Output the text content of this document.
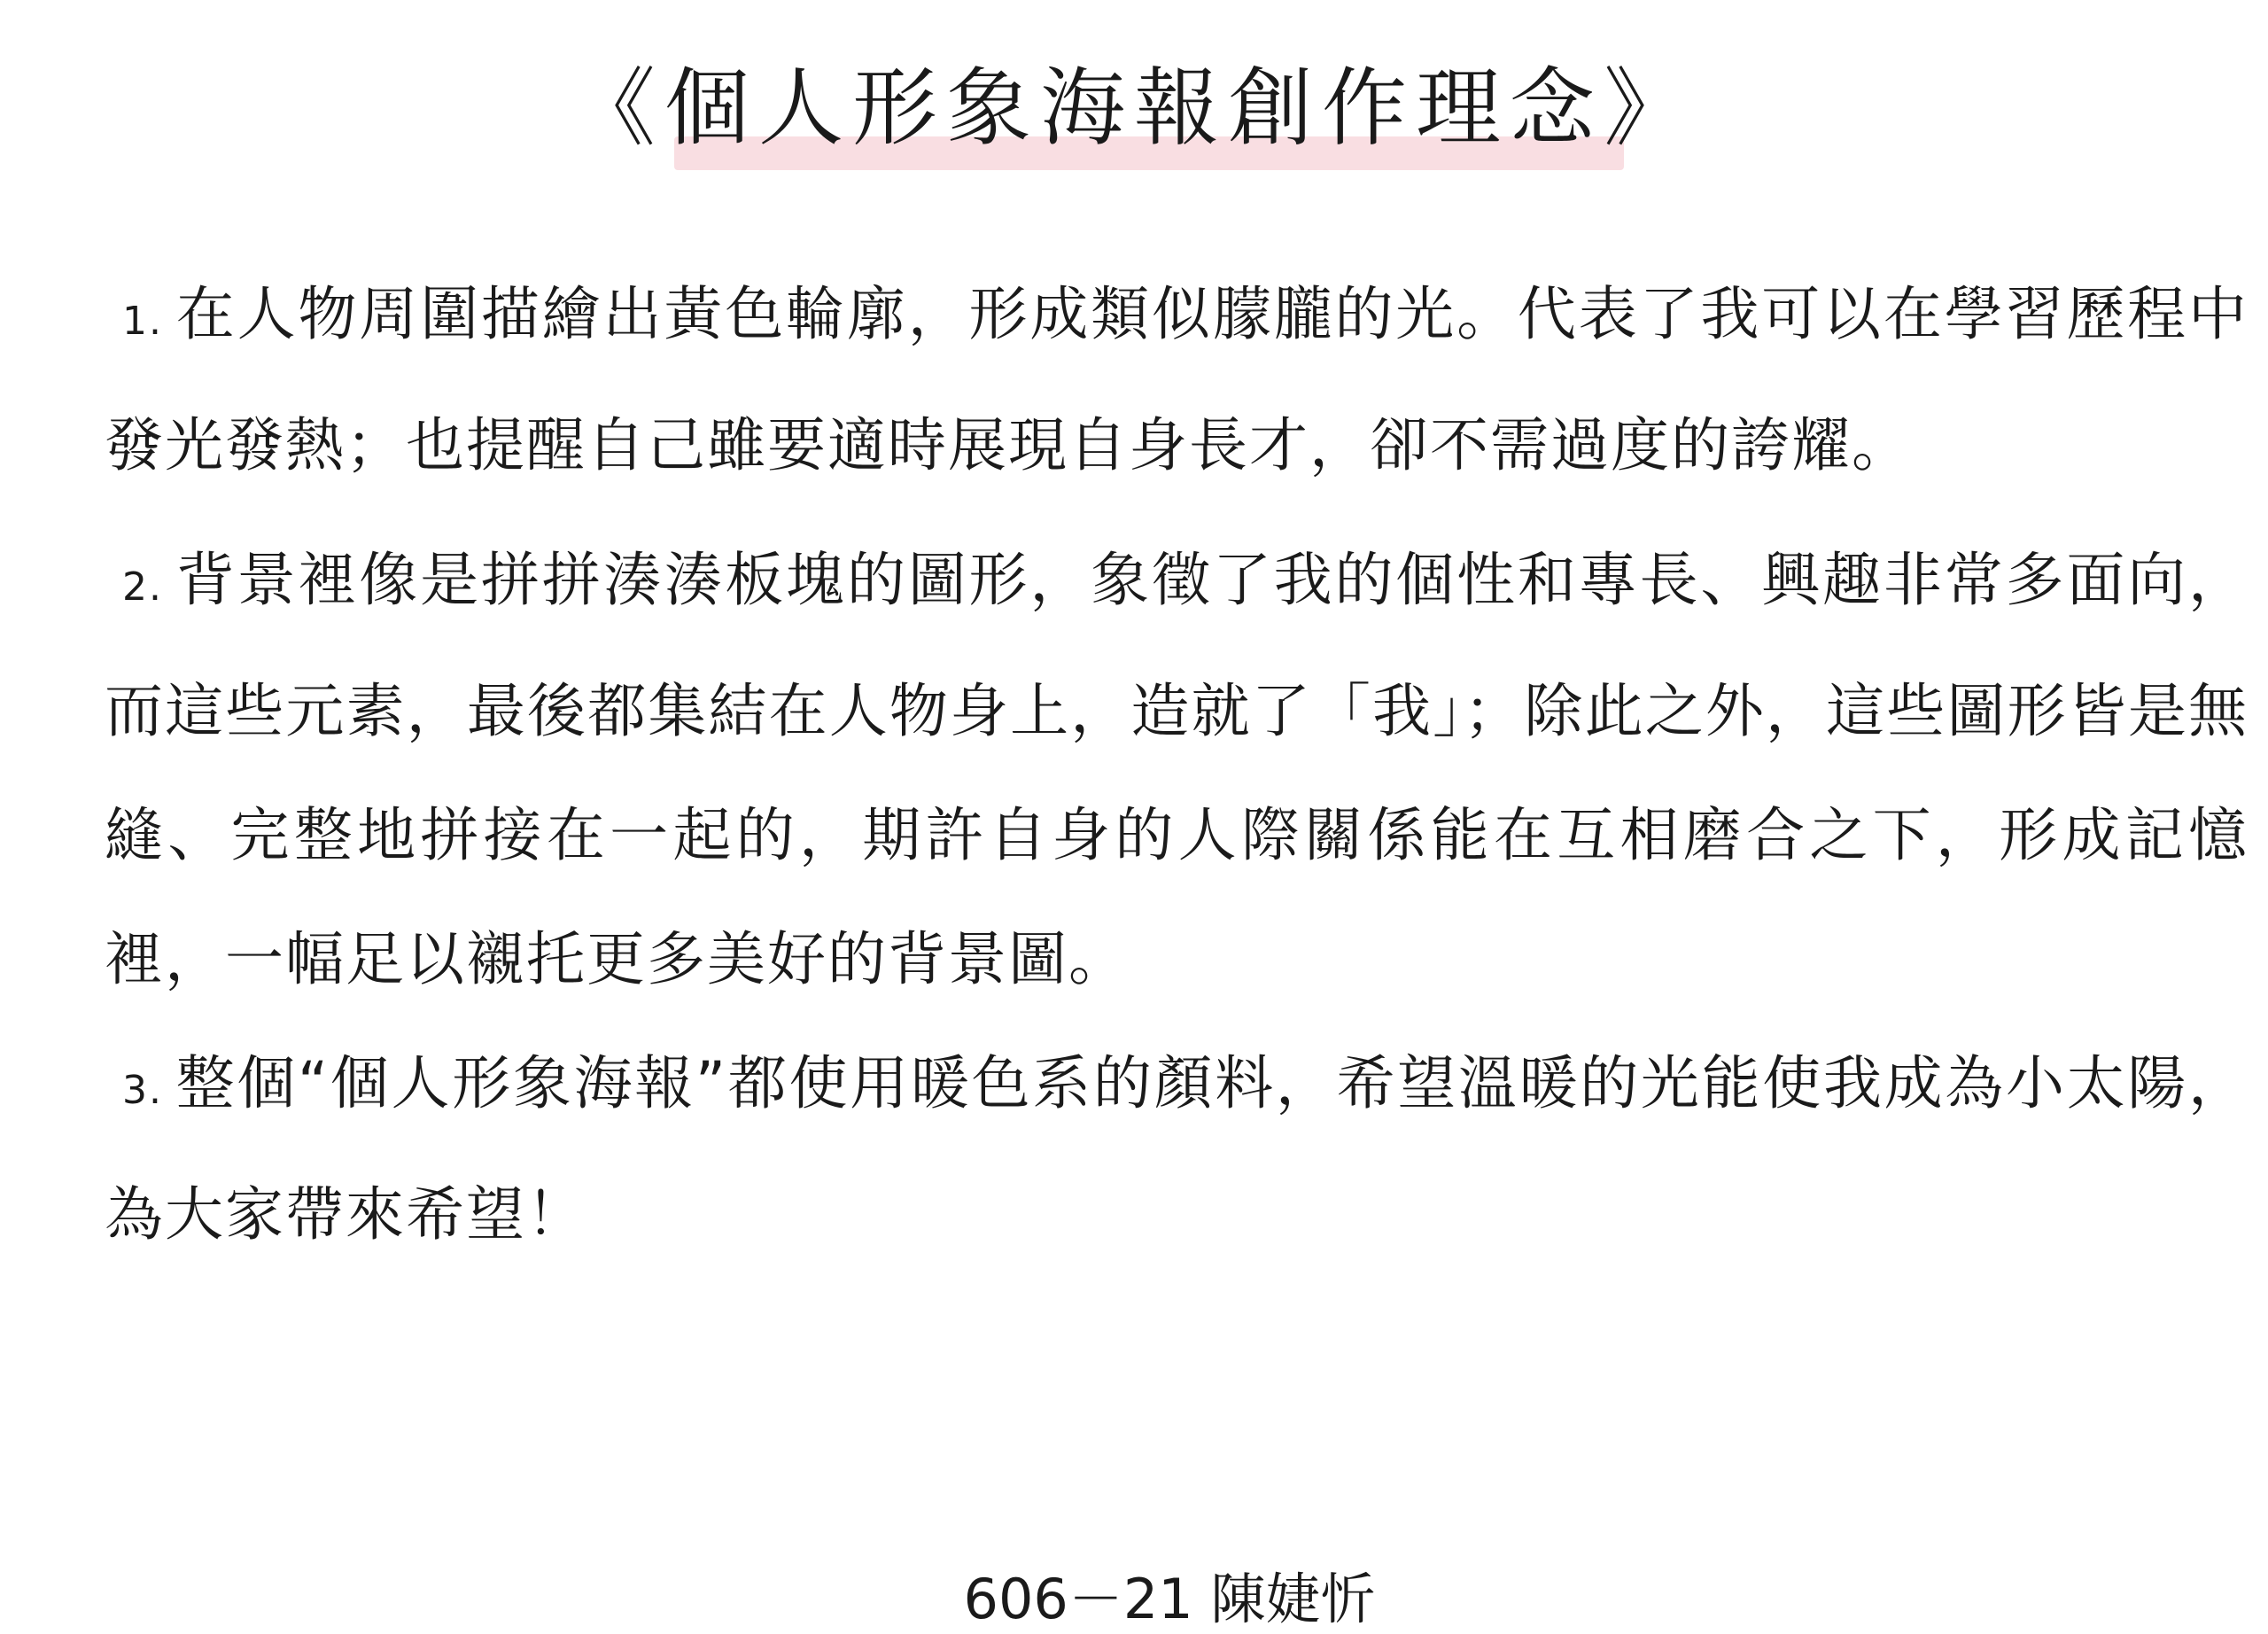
《個人形象海報創作理念》

1. 在人物周圍描繪出黃色輪廓，形成類似朦朧的光。代表了我可以在學習歷程中發光發熱；也提醒自己雖要適時展現自身長才，卻不需過度的誇耀。

2. 背景裡像是拼拼湊湊板塊的圖形，象徵了我的個性和專長、興趣非常多面向，而這些元素，最後都集結在人物身上，造就了「我」；除此之外，這些圖形皆是無縫、完整地拼接在一起的，期許自身的人際關係能在互相磨合之下，形成記憶裡，一幅足以襯托更多美好的背景圖。

3. 整個“個人形象海報”都使用暖色系的顏料，希望溫暖的光能使我成為小太陽，為大家帶來希望！

606－21 陳婕忻
